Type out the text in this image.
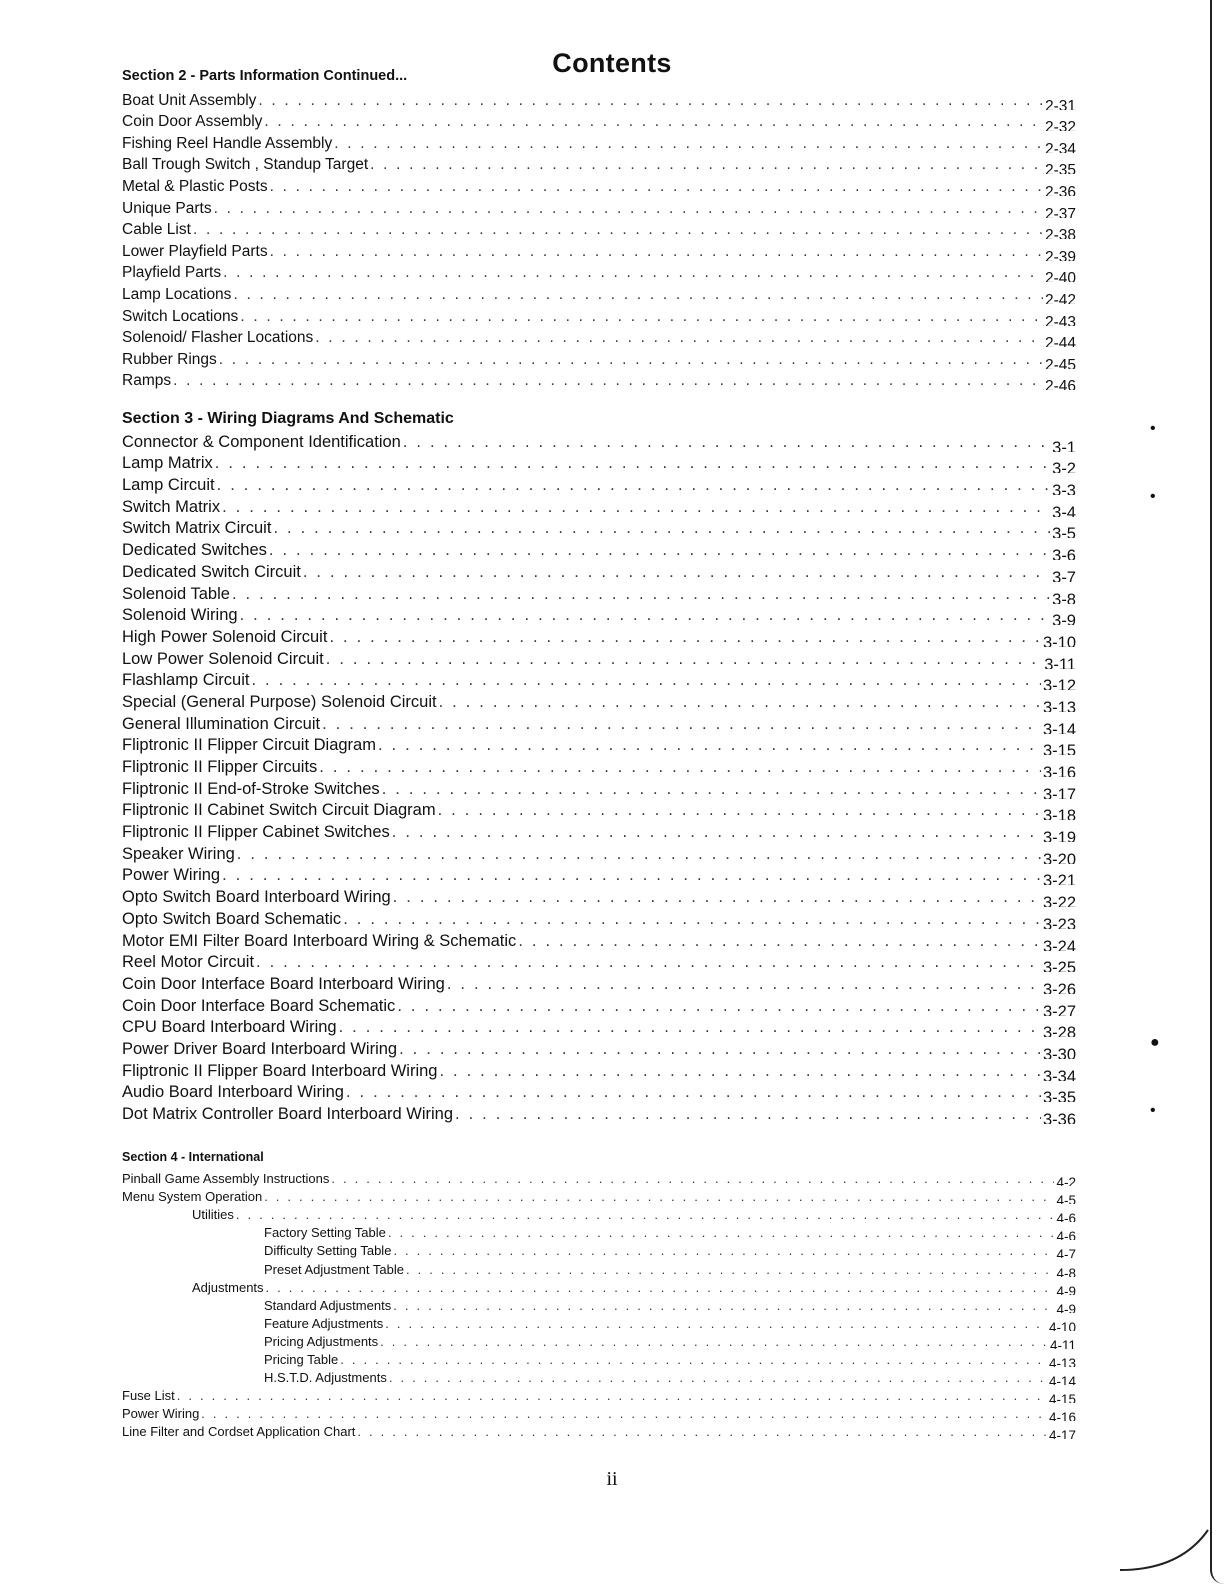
Contents

Section 2 - Parts Information Continued...

Boat Unit Assembly . . .	2-31
Coin Door Assembly . . .	2-32
Fishing Reel Handle Assembly . . .	2-34
Ball Trough Switch , Standup Target . . .	2-35
Metal & Plastic Posts . . .	2-36
Unique Parts . . .	2-37
Cable List . . .	2-38
Lower Playfield Parts . . .	2-39
Playfield Parts . . .	2-40
Lamp Locations . . .	2-42
Switch Locations . . .	2-43
Solenoid/ Flasher Locations . . .	2-44
Rubber Rings . . .	2-45
Ramps . . .	2-46

Section 3 - Wiring Diagrams And Schematic

Connector & Component Identification . . .	3-1
Lamp Matrix . . .	3-2
Lamp Circuit . . .	3-3
Switch Matrix . . .	3-4
Switch Matrix Circuit . . .	3-5
Dedicated Switches . . .	3-6
Dedicated Switch Circuit . . .	3-7
Solenoid Table . . .	3-8
Solenoid Wiring . . .	3-9
High Power Solenoid Circuit . . .	3-10
Low Power Solenoid Circuit . . .	3-11
Flashlamp Circuit . . .	3-12
Special (General Purpose) Solenoid Circuit . . .	3-13
General Illumination Circuit . . .	3-14
Fliptronic II Flipper Circuit Diagram . . .	3-15
Fliptronic II Flipper Circuits . . .	3-16
Fliptronic II End-of-Stroke Switches . . .	3-17
Fliptronic II Cabinet Switch Circuit Diagram . . .	3-18
Fliptronic II Flipper Cabinet Switches . . .	3-19
Speaker Wiring . . .	3-20
Power Wiring . . .	3-21
Opto Switch Board Interboard Wiring . . .	3-22
Opto Switch Board Schematic . . .	3-23
Motor EMI Filter Board Interboard Wiring & Schematic . . .	3-24
Reel Motor Circuit . . .	3-25
Coin Door Interface Board Interboard Wiring . . .	3-26
Coin Door Interface Board Schematic . . .	3-27
CPU Board Interboard Wiring . . .	3-28
Power Driver Board Interboard Wiring . . .	3-30
Fliptronic II Flipper Board Interboard Wiring . . .	3-34
Audio Board Interboard Wiring . . .	3-35
Dot Matrix Controller Board Interboard Wiring . . .	3-36

Section 4 - International

Pinball Game Assembly Instructions . . .	4-2
Menu System Operation . . .	4-5
Utilities . . .	4-6
Factory Setting Table . . .	4-6
Difficulty Setting Table . . .	4-7
Preset Adjustment Table . . .	4-8
Adjustments . . .	4-9
Standard Adjustments . . .	4-9
Feature Adjustments . . .	4-10
Pricing Adjustments . . .	4-11
Pricing Table . . .	4-13
H.S.T.D. Adjustments . . .	4-14
Fuse List . . .	4-15
Power Wiring . . .	4-16
Line Filter and Cordset Application Chart . . .	4-17
ii
•
•
●
•
